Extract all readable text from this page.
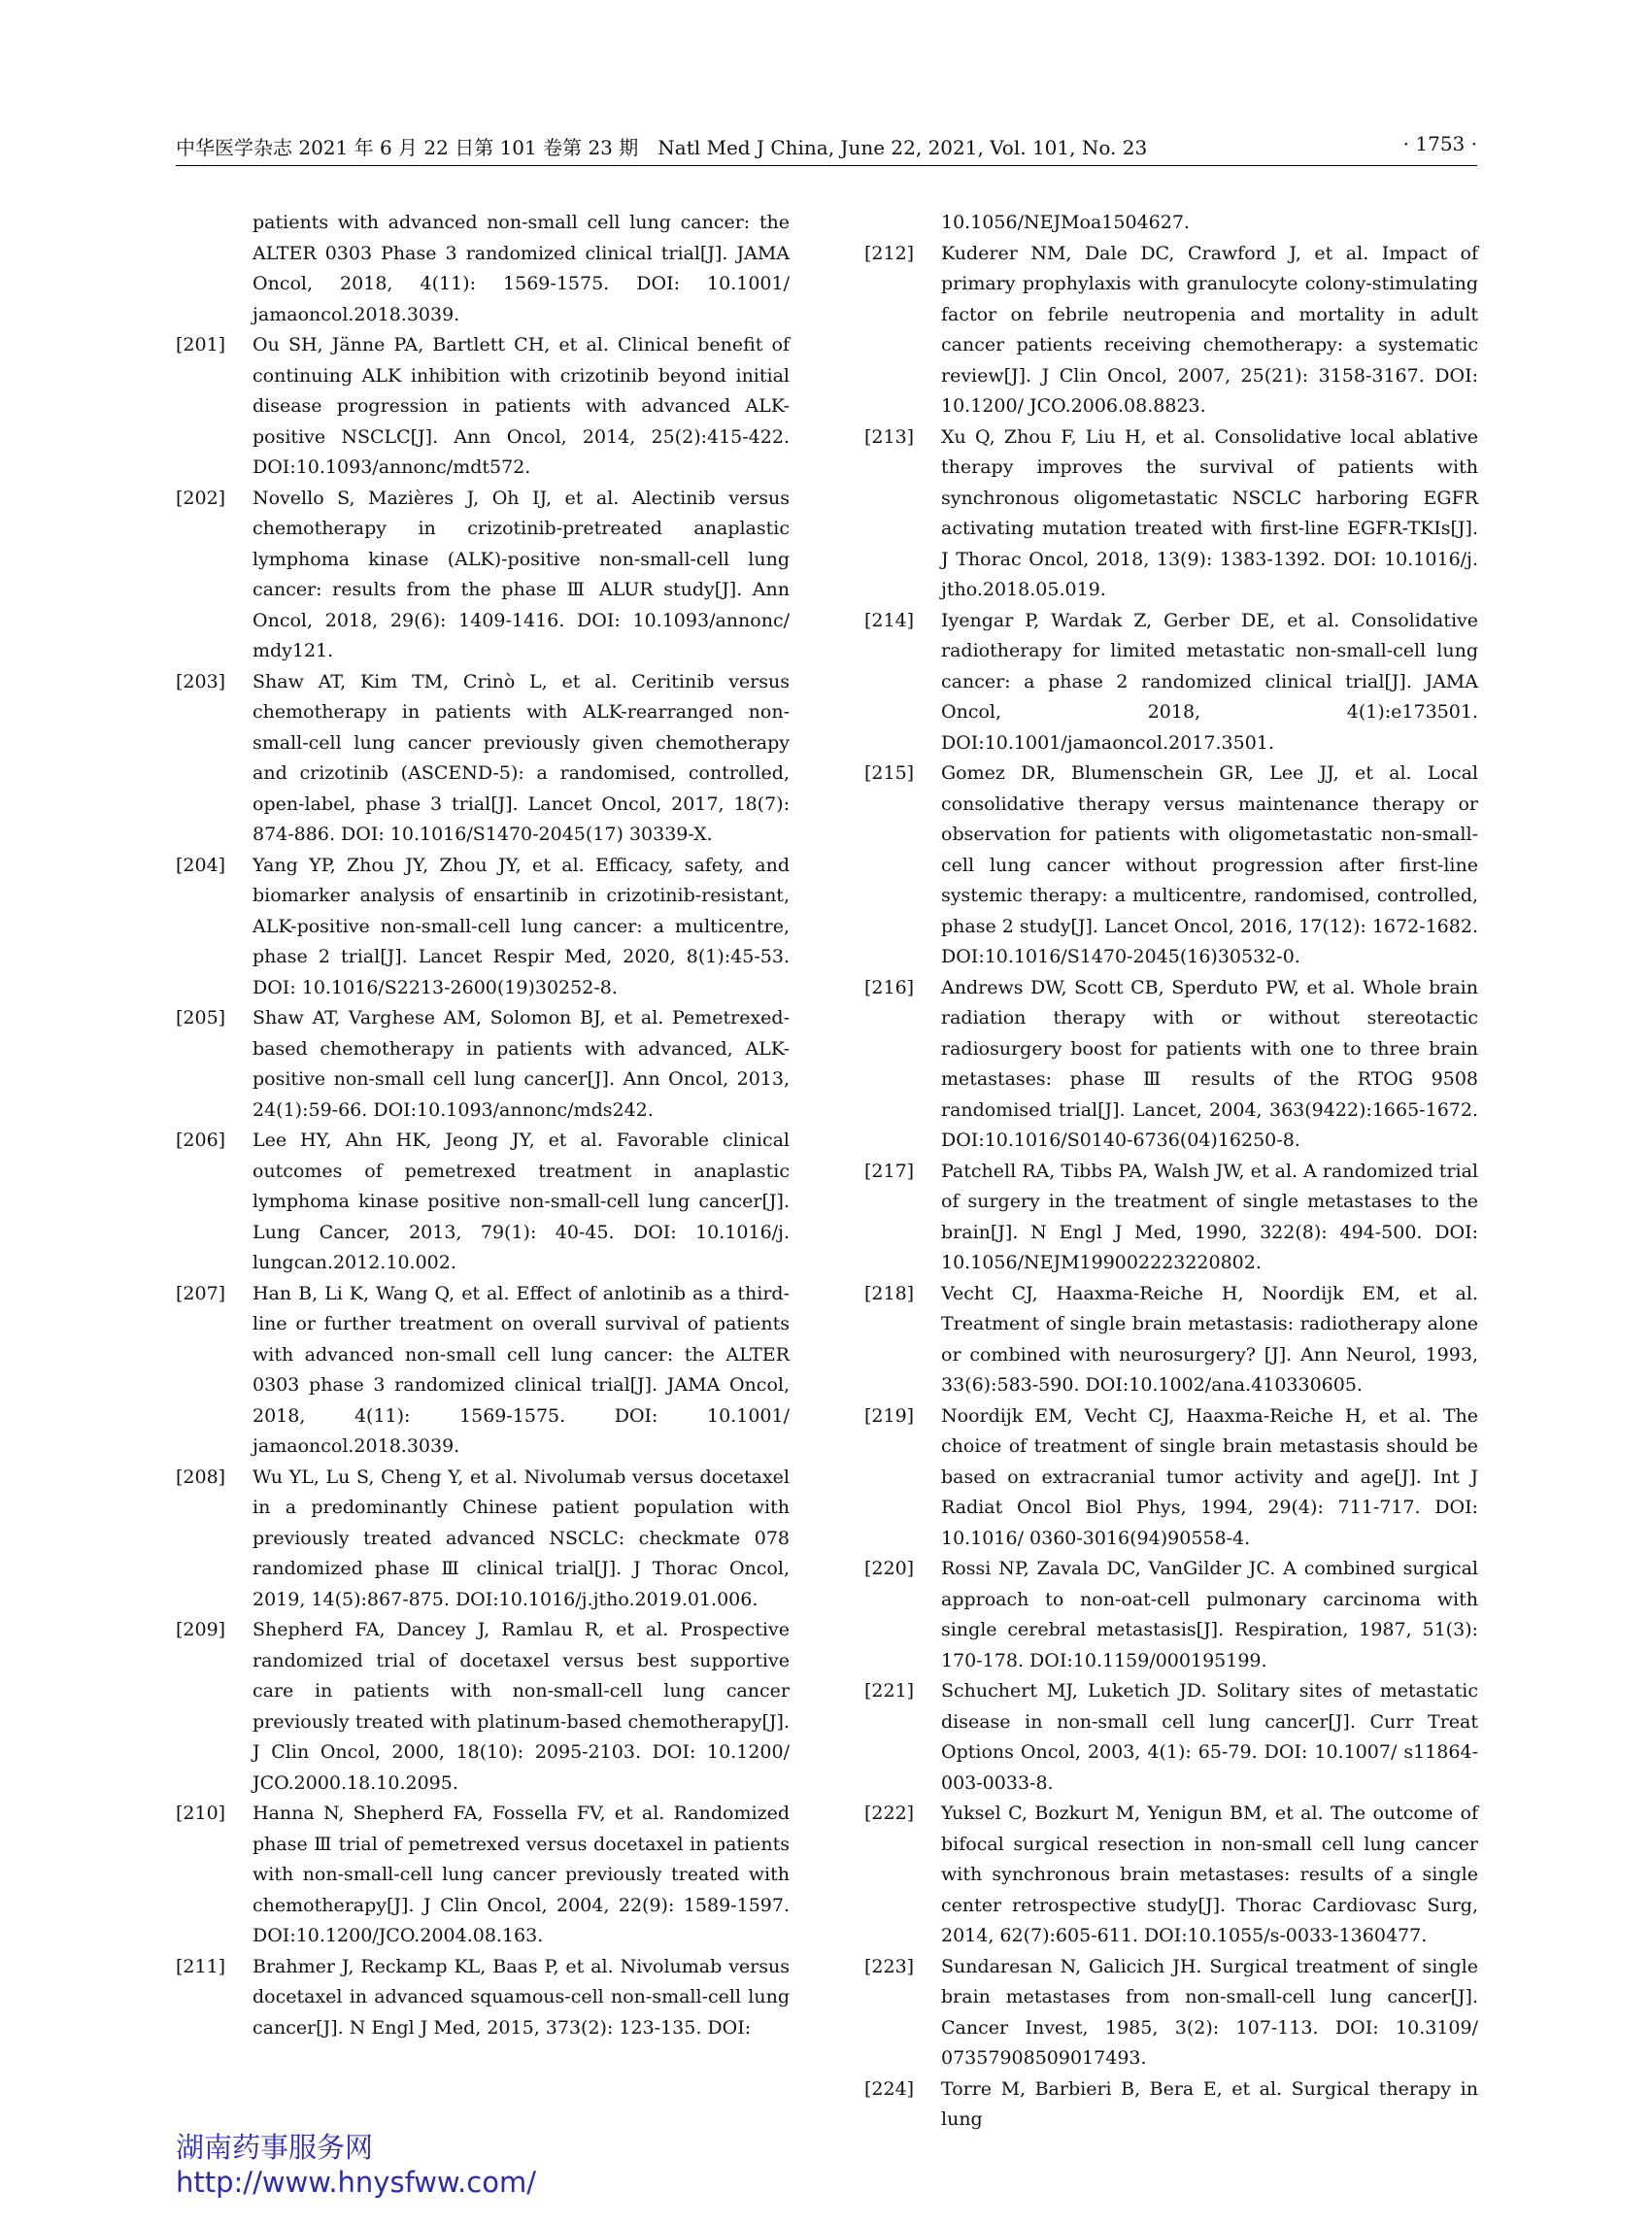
中华医学杂志 2021 年 6 月 22 日第 101 卷第 23 期　Natl Med J China, June 22, 2021, Vol. 101, No. 23	· 1753 ·
patients with advanced non-small cell lung cancer: the ALTER 0303 Phase 3 randomized clinical trial[J]. JAMA Oncol, 2018, 4(11): 1569-1575. DOI: 10.1001/ jamaoncol.2018.3039.
[201] Ou SH, Jänne PA, Bartlett CH, et al. Clinical benefit of continuing ALK inhibition with crizotinib beyond initial disease progression in patients with advanced ALK-positive NSCLC[J]. Ann Oncol, 2014, 25(2):415-422. DOI:10.1093/annonc/mdt572.
[202] Novello S, Mazières J, Oh IJ, et al. Alectinib versus chemotherapy in crizotinib-pretreated anaplastic lymphoma kinase (ALK)-positive non-small-cell lung cancer: results from the phase Ⅲ ALUR study[J]. Ann Oncol, 2018, 29(6): 1409-1416. DOI: 10.1093/annonc/ mdy121.
[203] Shaw AT, Kim TM, Crinò L, et al. Ceritinib versus chemotherapy in patients with ALK-rearranged non-small-cell lung cancer previously given chemotherapy and crizotinib (ASCEND-5): a randomised, controlled, open-label, phase 3 trial[J]. Lancet Oncol, 2017, 18(7): 874-886. DOI: 10.1016/S1470-2045(17) 30339-X.
[204] Yang YP, Zhou JY, Zhou JY, et al. Efficacy, safety, and biomarker analysis of ensartinib in crizotinib-resistant, ALK-positive non-small-cell lung cancer: a multicentre, phase 2 trial[J]. Lancet Respir Med, 2020, 8(1):45-53. DOI: 10.1016/S2213-2600(19)30252-8.
[205] Shaw AT, Varghese AM, Solomon BJ, et al. Pemetrexed-based chemotherapy in patients with advanced, ALK-positive non-small cell lung cancer[J]. Ann Oncol, 2013, 24(1):59-66. DOI:10.1093/annonc/mds242.
[206] Lee HY, Ahn HK, Jeong JY, et al. Favorable clinical outcomes of pemetrexed treatment in anaplastic lymphoma kinase positive non-small-cell lung cancer[J]. Lung Cancer, 2013, 79(1): 40-45. DOI: 10.1016/j. lungcan.2012.10.002.
[207] Han B, Li K, Wang Q, et al. Effect of anlotinib as a third-line or further treatment on overall survival of patients with advanced non-small cell lung cancer: the ALTER 0303 phase 3 randomized clinical trial[J]. JAMA Oncol, 2018, 4(11): 1569-1575. DOI: 10.1001/ jamaoncol.2018.3039.
[208] Wu YL, Lu S, Cheng Y, et al. Nivolumab versus docetaxel in a predominantly Chinese patient population with previously treated advanced NSCLC: checkmate 078 randomized phase Ⅲ clinical trial[J]. J Thorac Oncol, 2019, 14(5):867-875. DOI:10.1016/j.jtho.2019.01.006.
[209] Shepherd FA, Dancey J, Ramlau R, et al. Prospective randomized trial of docetaxel versus best supportive care in patients with non-small-cell lung cancer previously treated with platinum-based chemotherapy[J]. J Clin Oncol, 2000, 18(10): 2095-2103. DOI: 10.1200/ JCO.2000.18.10.2095.
[210] Hanna N, Shepherd FA, Fossella FV, et al. Randomized phase Ⅲ trial of pemetrexed versus docetaxel in patients with non-small-cell lung cancer previously treated with chemotherapy[J]. J Clin Oncol, 2004, 22(9): 1589-1597. DOI:10.1200/JCO.2004.08.163.
[211] Brahmer J, Reckamp KL, Baas P, et al. Nivolumab versus docetaxel in advanced squamous-cell non-small-cell lung cancer[J]. N Engl J Med, 2015, 373(2): 123-135. DOI:
10.1056/NEJMoa1504627.
[212] Kuderer NM, Dale DC, Crawford J, et al. Impact of primary prophylaxis with granulocyte colony-stimulating factor on febrile neutropenia and mortality in adult cancer patients receiving chemotherapy: a systematic review[J]. J Clin Oncol, 2007, 25(21): 3158-3167. DOI: 10.1200/ JCO.2006.08.8823.
[213] Xu Q, Zhou F, Liu H, et al. Consolidative local ablative therapy improves the survival of patients with synchronous oligometastatic NSCLC harboring EGFR activating mutation treated with first-line EGFR-TKIs[J]. J Thorac Oncol, 2018, 13(9): 1383-1392. DOI: 10.1016/j. jtho.2018.05.019.
[214] Iyengar P, Wardak Z, Gerber DE, et al. Consolidative radiotherapy for limited metastatic non-small-cell lung cancer: a phase 2 randomized clinical trial[J]. JAMA Oncol, 2018, 4(1):e173501. DOI:10.1001/jamaoncol.2017.3501.
[215] Gomez DR, Blumenschein GR, Lee JJ, et al. Local consolidative therapy versus maintenance therapy or observation for patients with oligometastatic non-small-cell lung cancer without progression after first-line systemic therapy: a multicentre, randomised, controlled, phase 2 study[J]. Lancet Oncol, 2016, 17(12): 1672-1682. DOI:10.1016/S1470-2045(16)30532-0.
[216] Andrews DW, Scott CB, Sperduto PW, et al. Whole brain radiation therapy with or without stereotactic radiosurgery boost for patients with one to three brain metastases: phase Ⅲ results of the RTOG 9508 randomised trial[J]. Lancet, 2004, 363(9422):1665-1672. DOI:10.1016/S0140-6736(04)16250-8.
[217] Patchell RA, Tibbs PA, Walsh JW, et al. A randomized trial of surgery in the treatment of single metastases to the brain[J]. N Engl J Med, 1990, 322(8): 494-500. DOI: 10.1056/NEJM199002223220802.
[218] Vecht CJ, Haaxma-Reiche H, Noordijk EM, et al. Treatment of single brain metastasis: radiotherapy alone or combined with neurosurgery? [J]. Ann Neurol, 1993, 33(6):583-590. DOI:10.1002/ana.410330605.
[219] Noordijk EM, Vecht CJ, Haaxma-Reiche H, et al. The choice of treatment of single brain metastasis should be based on extracranial tumor activity and age[J]. Int J Radiat Oncol Biol Phys, 1994, 29(4): 711-717. DOI: 10.1016/ 0360-3016(94)90558-4.
[220] Rossi NP, Zavala DC, VanGilder JC. A combined surgical approach to non-oat-cell pulmonary carcinoma with single cerebral metastasis[J]. Respiration, 1987, 51(3): 170-178. DOI:10.1159/000195199.
[221] Schuchert MJ, Luketich JD. Solitary sites of metastatic disease in non-small cell lung cancer[J]. Curr Treat Options Oncol, 2003, 4(1): 65-79. DOI: 10.1007/ s11864-003-0033-8.
[222] Yuksel C, Bozkurt M, Yenigun BM, et al. The outcome of bifocal surgical resection in non-small cell lung cancer with synchronous brain metastases: results of a single center retrospective study[J]. Thorac Cardiovasc Surg, 2014, 62(7):605-611. DOI:10.1055/s-0033-1360477.
[223] Sundaresan N, Galicich JH. Surgical treatment of single brain metastases from non-small-cell lung cancer[J]. Cancer Invest, 1985, 3(2): 107-113. DOI: 10.3109/ 07357908509017493.
[224] Torre M, Barbieri B, Bera E, et al. Surgical therapy in lung
湖南药事服务网
http://www.hnysfww.com/
